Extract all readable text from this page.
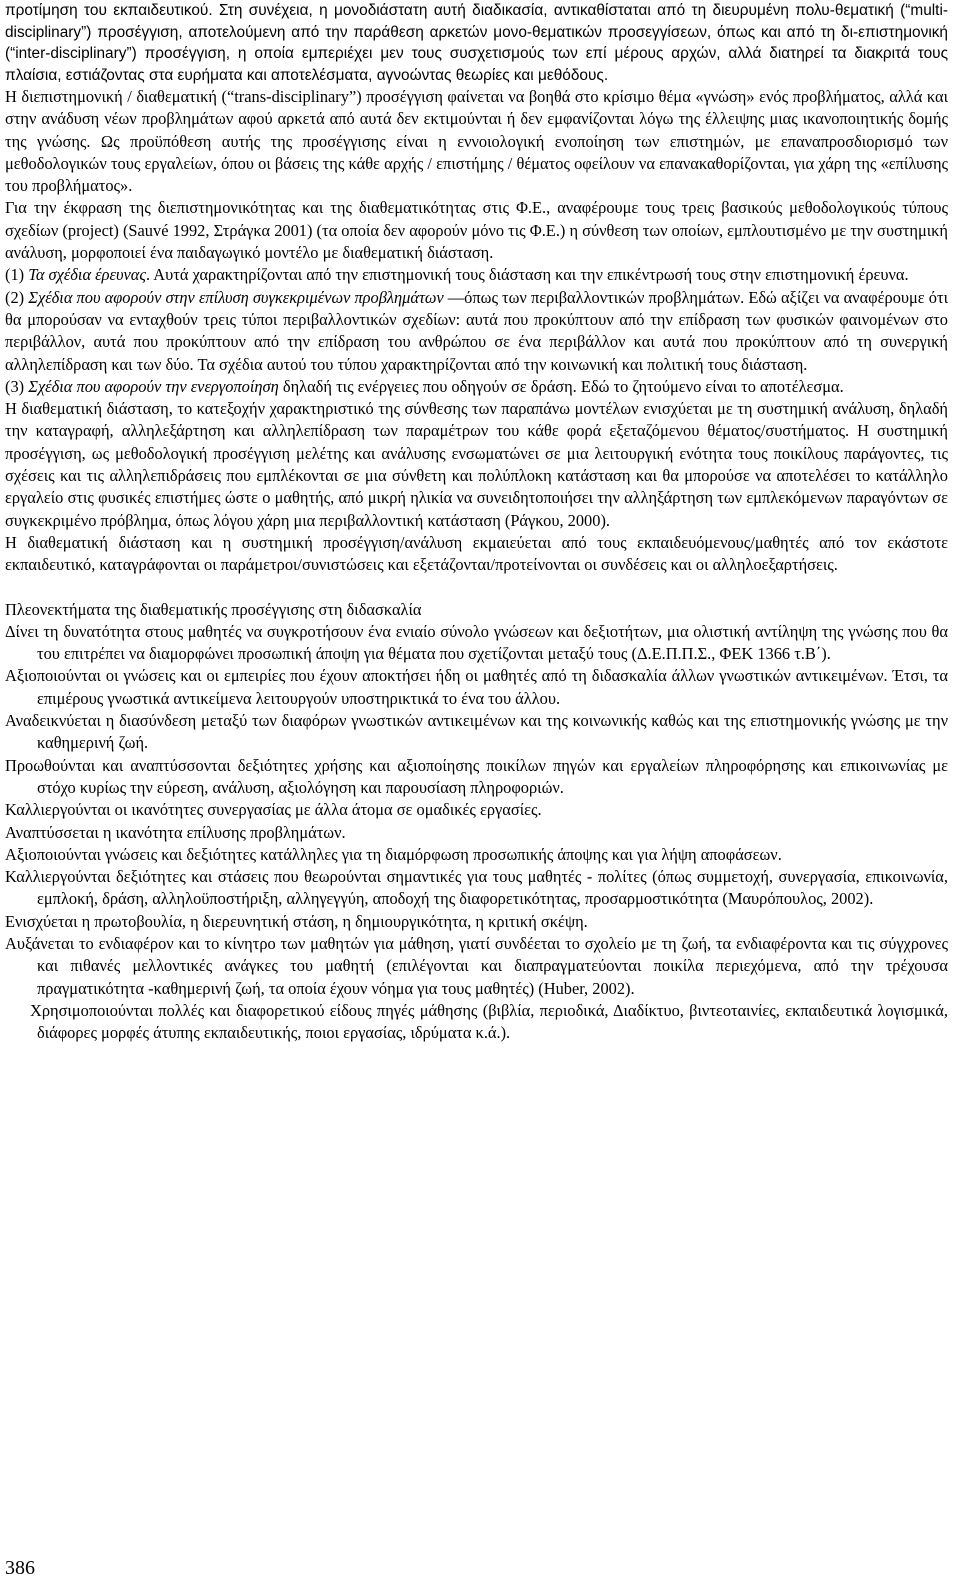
προτίμηση του εκπαιδευτικού. Στη συνέχεια, η μονοδιάστατη αυτή διαδικασία, αντικαθίσταται από τη διευρυμένη πολυ-θεματική (“multi-disciplinary”) προσέγγιση, αποτελούμενη από την παράθεση αρκετών μονο-θεματικών προσεγγίσεων, όπως και από τη δι-επιστημονική (“inter-disciplinary”) προσέγγιση, η οποία εμπεριέχει μεν τους συσχετισμούς των επί μέρους αρχών, αλλά διατηρεί τα διακριτά τους πλαίσια, εστιάζοντας στα ευρήματα και αποτελέσματα, αγνοώντας θεωρίες και μεθόδους.

Η διεπιστημονική / διαθεματική (“trans-disciplinary”) προσέγγιση φαίνεται να βοηθά στο κρίσιμο θέμα «γνώση» ενός προβλήματος, αλλά και στην ανάδυση νέων προβλημάτων αφού αρκετά από αυτά δεν εκτιμούνται ή δεν εμφανίζονται λόγω της έλλειψης μιας ικανοποιητικής δομής της γνώσης. Ως προϋπόθεση αυτής της προσέγγισης είναι η εννοιολογική ενοποίηση των επιστημών, με επαναπροσδιορισμό των μεθοδολογικών τους εργαλείων, όπου οι βάσεις της κάθε αρχής / επιστήμης / θέματος οφείλουν να επανακαθορίζονται, για χάρη της «επίλυσης του προβλήματος».

Για την έκφραση της διεπιστημονικότητας και της διαθεματικότητας στις Φ.Ε., αναφέρουμε τους τρεις βασικούς μεθοδολογικούς τύπους σχεδίων (project) (Sauvé 1992, Στράγκα 2001) (τα οποία δεν αφορούν μόνο τις Φ.Ε.) η σύνθεση των οποίων, εμπλουτισμένο με την συστημική ανάλυση, μορφοποιεί ένα παιδαγωγικό μοντέλο με διαθεματική διάσταση.

(1) Τα σχέδια έρευνας. Αυτά χαρακτηρίζονται από την επιστημονική τους διάσταση και την επικέντρωσή τους στην επιστημονική έρευνα.

(2) Σχέδια που αφορούν στην επίλυση συγκεκριμένων προβλημάτων —όπως των περιβαλλοντικών προβλημάτων. Εδώ αξίζει να αναφέρουμε ότι θα μπορούσαν να ενταχθούν τρεις τύποι περιβαλλοντικών σχεδίων: αυτά που προκύπτουν από την επίδραση των φυσικών φαινομένων στο περιβάλλον, αυτά που προκύπτουν από την επίδραση του ανθρώπου σε ένα περιβάλλον και αυτά που προκύπτουν από τη συνεργική αλληλεπίδραση και των δύο. Τα σχέδια αυτού του τύπου χαρακτηρίζονται από την κοινωνική και πολιτική τους διάσταση.

(3) Σχέδια που αφορούν την ενεργοποίηση δηλαδή τις ενέργειες που οδηγούν σε δράση. Εδώ το ζητούμενο είναι το αποτέλεσμα.

Η διαθεματική διάσταση, το κατεξοχήν χαρακτηριστικό της σύνθεσης των παραπάνω μοντέλων ενισχύεται με τη συστημική ανάλυση, δηλαδή την καταγραφή, αλληλεξάρτηση και αλληλεπίδραση των παραμέτρων του κάθε φορά εξεταζόμενου θέματος/συστήματος. Η συστημική προσέγγιση, ως μεθοδολογική προσέγγιση μελέτης και ανάλυσης ενσωματώνει σε μια λειτουργική ενότητα τους ποικίλους παράγοντες, τις σχέσεις και τις αλληλεπιδράσεις που εμπλέκονται σε μια σύνθετη και πολύπλοκη κατάσταση και θα μπορούσε να αποτελέσει το κατάλληλο εργαλείο στις φυσικές επιστήμες ώστε ο μαθητής, από μικρή ηλικία να συνειδητοποιήσει την αλληξάρτηση των εμπλεκόμενων παραγόντων σε συγκεκριμένο πρόβλημα, όπως λόγου χάρη μια περιβαλλοντική κατάσταση (Ράγκου, 2000).

Η διαθεματική διάσταση και η συστημική προσέγγιση/ανάλυση εκμαιεύεται από τους εκπαιδευόμενους/μαθητές από τον εκάστοτε εκπαιδευτικό, καταγράφονται οι παράμετροι/συνιστώσεις και εξετάζονται/προτείνονται οι συνδέσεις και οι αλληλοεξαρτήσεις.

Πλεονεκτήματα της διαθεματικής προσέγγισης στη διδασκαλία

Δίνει τη δυνατότητα στους μαθητές να συγκροτήσουν ένα ενιαίο σύνολο γνώσεων και δεξιοτήτων, μια ολιστική αντίληψη της γνώσης που θα του επιτρέπει να διαμορφώνει προσωπική άποψη για θέματα που σχετίζονται μεταξύ τους (Δ.Ε.Π.Π.Σ., ΦΕΚ 1366 τ.Β΄).

Αξιοποιούνται οι γνώσεις και οι εμπειρίες που έχουν αποκτήσει ήδη οι μαθητές από τη διδασκαλία άλλων γνωστικών αντικειμένων. Έτσι, τα επιμέρους γνωστικά αντικείμενα λειτουργούν υποστηρικτικά το ένα του άλλου.

Αναδεικνύεται η διασύνδεση μεταξύ των διαφόρων γνωστικών αντικειμένων και της κοινωνικής καθώς και της επιστημονικής γνώσης με την καθημερινή ζωή.

Προωθούνται και αναπτύσσονται δεξιότητες χρήσης και αξιοποίησης ποικίλων πηγών και εργαλείων πληροφόρησης και επικοινωνίας με στόχο κυρίως την εύρεση, ανάλυση, αξιολόγηση και παρουσίαση πληροφοριών.

Καλλιεργούνται οι ικανότητες συνεργασίας με άλλα άτομα σε ομαδικές εργασίες.

Αναπτύσσεται η ικανότητα επίλυσης προβλημάτων.

Αξιοποιούνται γνώσεις και δεξιότητες κατάλληλες για τη διαμόρφωση προσωπικής άποψης και για λήψη αποφάσεων.

Καλλιεργούνται δεξιότητες και στάσεις που θεωρούνται σημαντικές για τους μαθητές - πολίτες (όπως συμμετοχή, συνεργασία, επικοινωνία, εμπλοκή, δράση, αλληλοϋποστήριξη, αλληγεγγύη, αποδοχή της διαφορετικότητας, προσαρμοστικότητα (Μαυρόπουλος, 2002).

Ενισχύεται η πρωτοβουλία, η διερευνητική στάση, η δημιουργικότητα, η κριτική σκέψη.

Αυξάνεται το ενδιαφέρον και το κίνητρο των μαθητών για μάθηση, γιατί συνδέεται το σχολείο με τη ζωή, τα ενδιαφέροντα και τις σύγχρονες και πιθανές μελλοντικές ανάγκες του μαθητή (επιλέγονται και διαπραγματεύονται ποικίλα περιεχόμενα, από την τρέχουσα πραγματικότητα -καθημερινή ζωή, τα οποία έχουν νόημα για τους μαθητές) (Huber, 2002).

Χρησιμοποιούνται πολλές και διαφορετικού είδους πηγές μάθησης (βιβλία, περιοδικά, Διαδίκτυο, βιντεοταινίες, εκπαιδευτικά λογισμικά, διάφορες μορφές άτυπης εκπαιδευτικής, ποιοι εργασίας, ιδρύματα κ.ά.).

386
